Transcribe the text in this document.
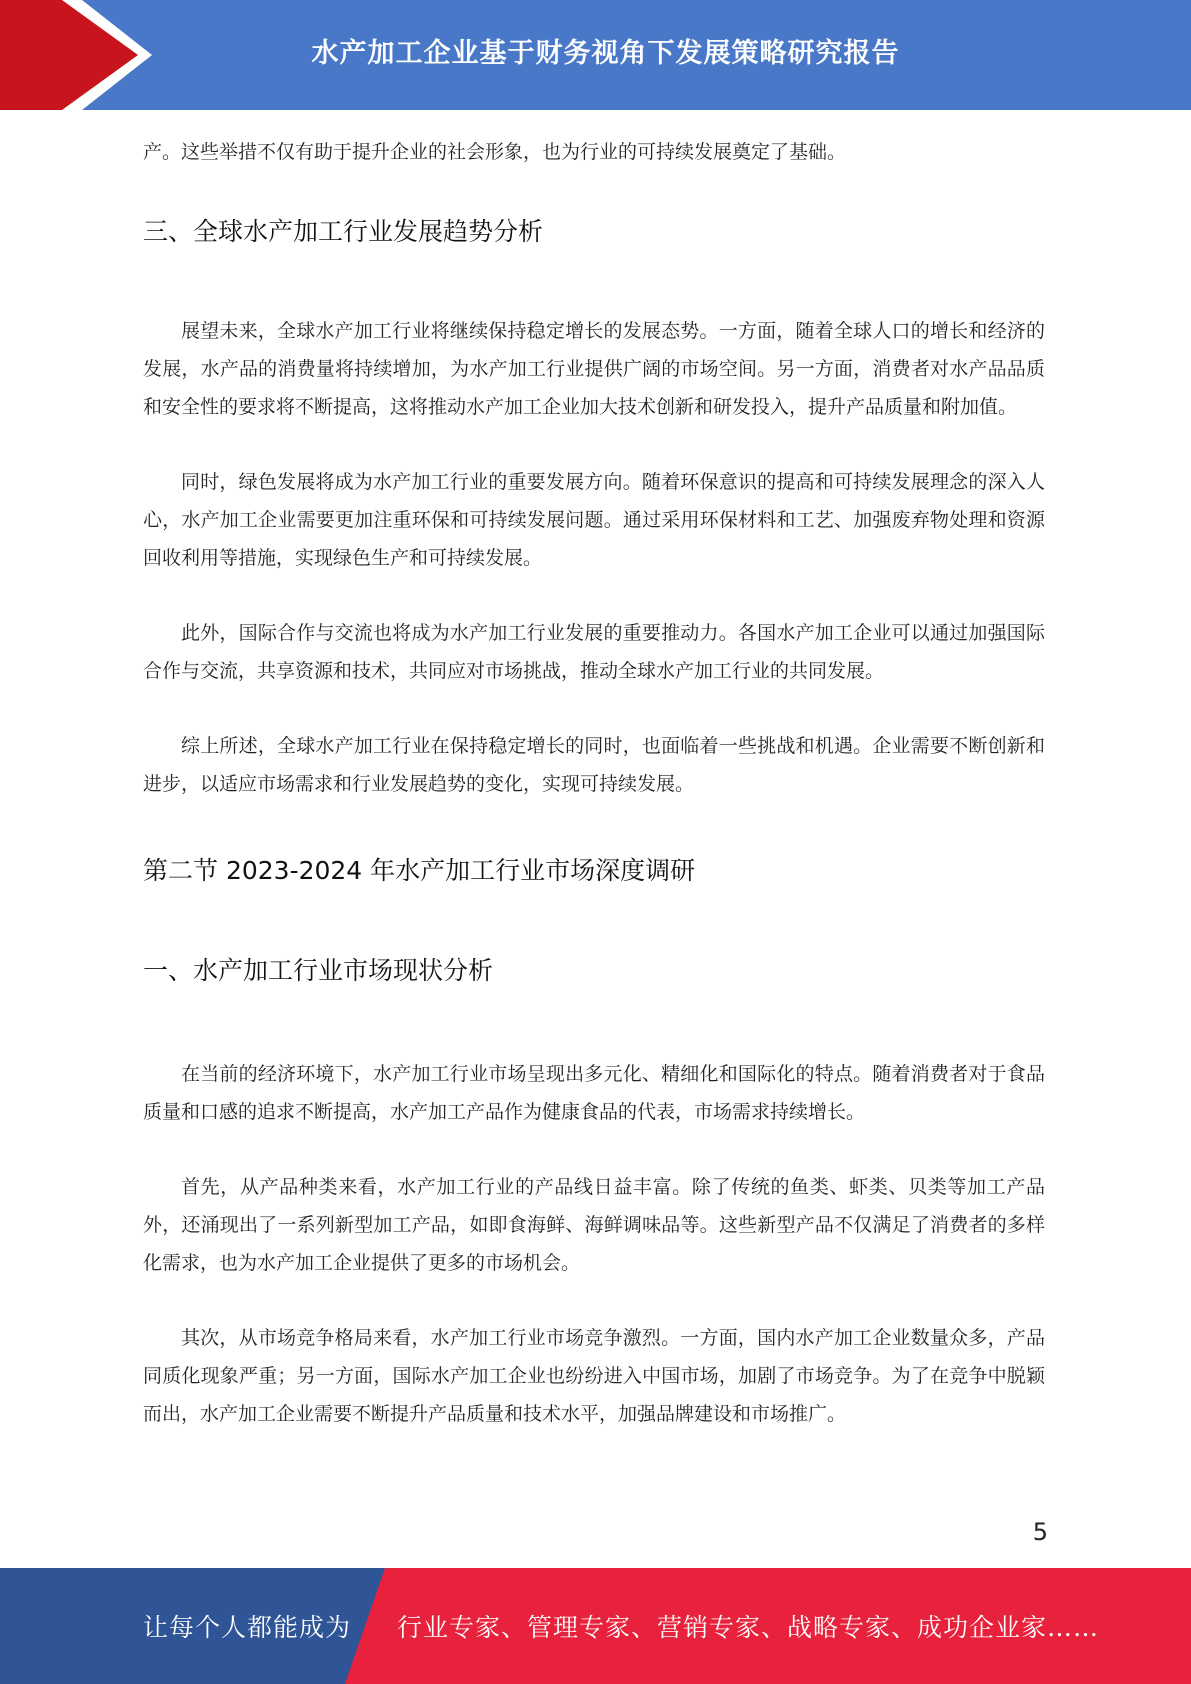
水产加工企业基于财务视角下发展策略研究报告

产。这些举措不仅有助于提升企业的社会形象，也为行业的可持续发展奠定了基础。

三、全球水产加工行业发展趋势分析

展望未来，全球水产加工行业将继续保持稳定增长的发展态势。一方面，随着全球人口的增长和经济的发展，水产品的消费量将持续增加，为水产加工行业提供广阔的市场空间。另一方面，消费者对水产品品质和安全性的要求将不断提高，这将推动水产加工企业加大技术创新和研发投入，提升产品质量和附加值。

同时，绿色发展将成为水产加工行业的重要发展方向。随着环保意识的提高和可持续发展理念的深入人心，水产加工企业需要更加注重环保和可持续发展问题。通过采用环保材料和工艺、加强废弃物处理和资源回收利用等措施，实现绿色生产和可持续发展。

此外，国际合作与交流也将成为水产加工行业发展的重要推动力。各国水产加工企业可以通过加强国际合作与交流，共享资源和技术，共同应对市场挑战，推动全球水产加工行业的共同发展。

综上所述，全球水产加工行业在保持稳定增长的同时，也面临着一些挑战和机遇。企业需要不断创新和进步，以适应市场需求和行业发展趋势的变化，实现可持续发展。

第二节 2023-2024 年水产加工行业市场深度调研
一、水产加工行业市场现状分析

在当前的经济环境下，水产加工行业市场呈现出多元化、精细化和国际化的特点。随着消费者对于食品质量和口感的追求不断提高，水产加工产品作为健康食品的代表，市场需求持续增长。

首先，从产品种类来看，水产加工行业的产品线日益丰富。除了传统的鱼类、虾类、贝类等加工产品外，还涌现出了一系列新型加工产品，如即食海鲜、海鲜调味品等。这些新型产品不仅满足了消费者的多样化需求，也为水产加工企业提供了更多的市场机会。

其次，从市场竞争格局来看，水产加工行业市场竞争激烈。一方面，国内水产加工企业数量众多，产品同质化现象严重；另一方面，国际水产加工企业也纷纷进入中国市场，加剧了市场竞争。为了在竞争中脱颖而出，水产加工企业需要不断提升产品质量和技术水平，加强品牌建设和市场推广。

5
让每个人都能成为 行业专家、管理专家、营销专家、战略专家、成功企业家……
